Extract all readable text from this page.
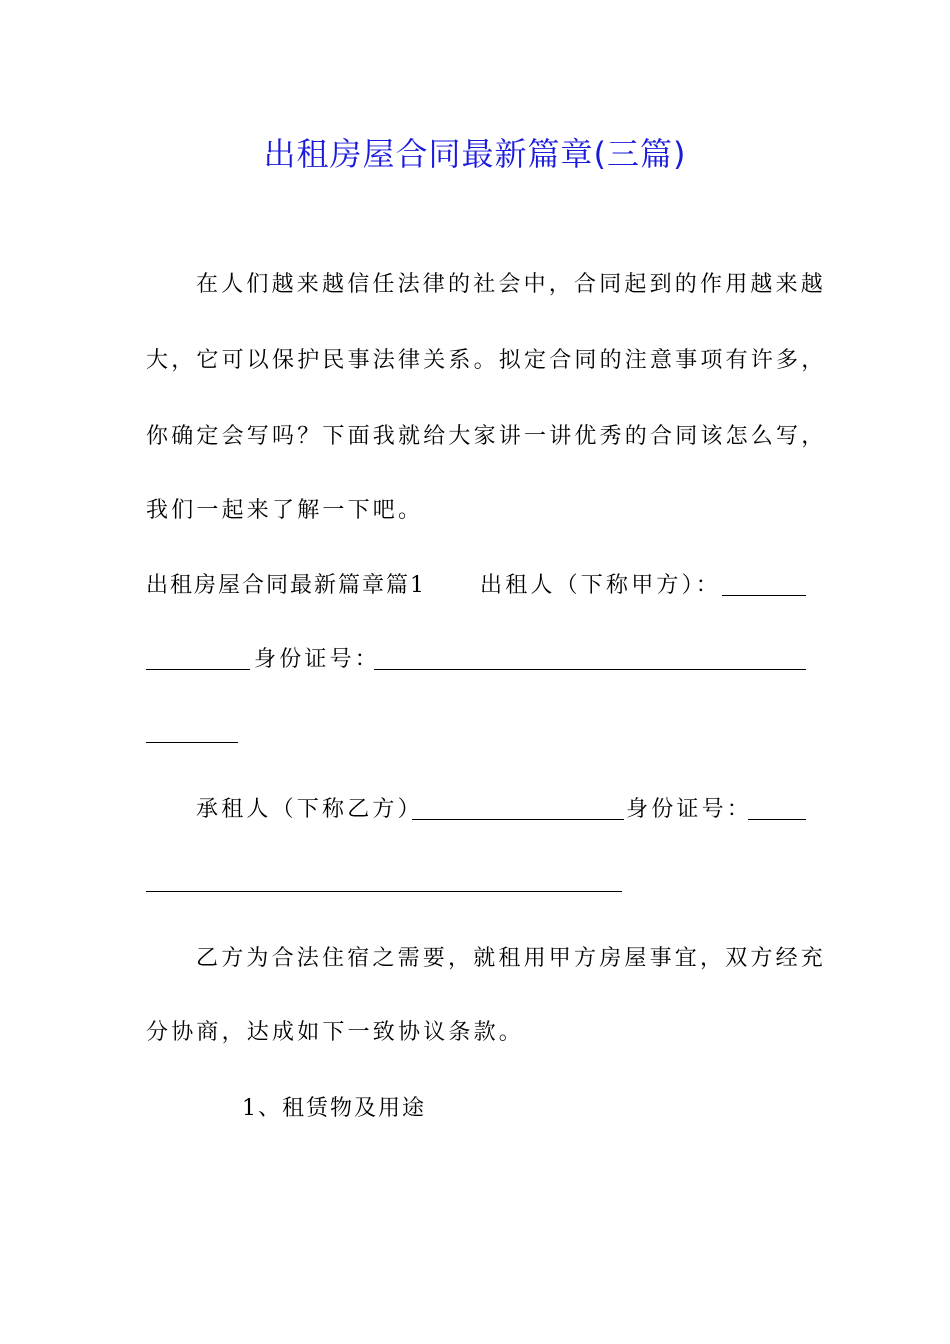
出租房屋合同最新篇章(三篇)
在人们越来越信任法律的社会中，合同起到的作用越来越
大，它可以保护民事法律关系。拟定合同的注意事项有许多，
你确定会写吗？下面我就给大家讲一讲优秀的合同该怎么写，
我们一起来了解一下吧。
出租房屋合同最新篇章篇1 出租人（下称甲方）：
身份证号：
承租人（下称乙方）	身份证号：
乙方为合法住宿之需要，就租用甲方房屋事宜，双方经充
分协商，达成如下一致协议条款。
1、租赁物及用途
